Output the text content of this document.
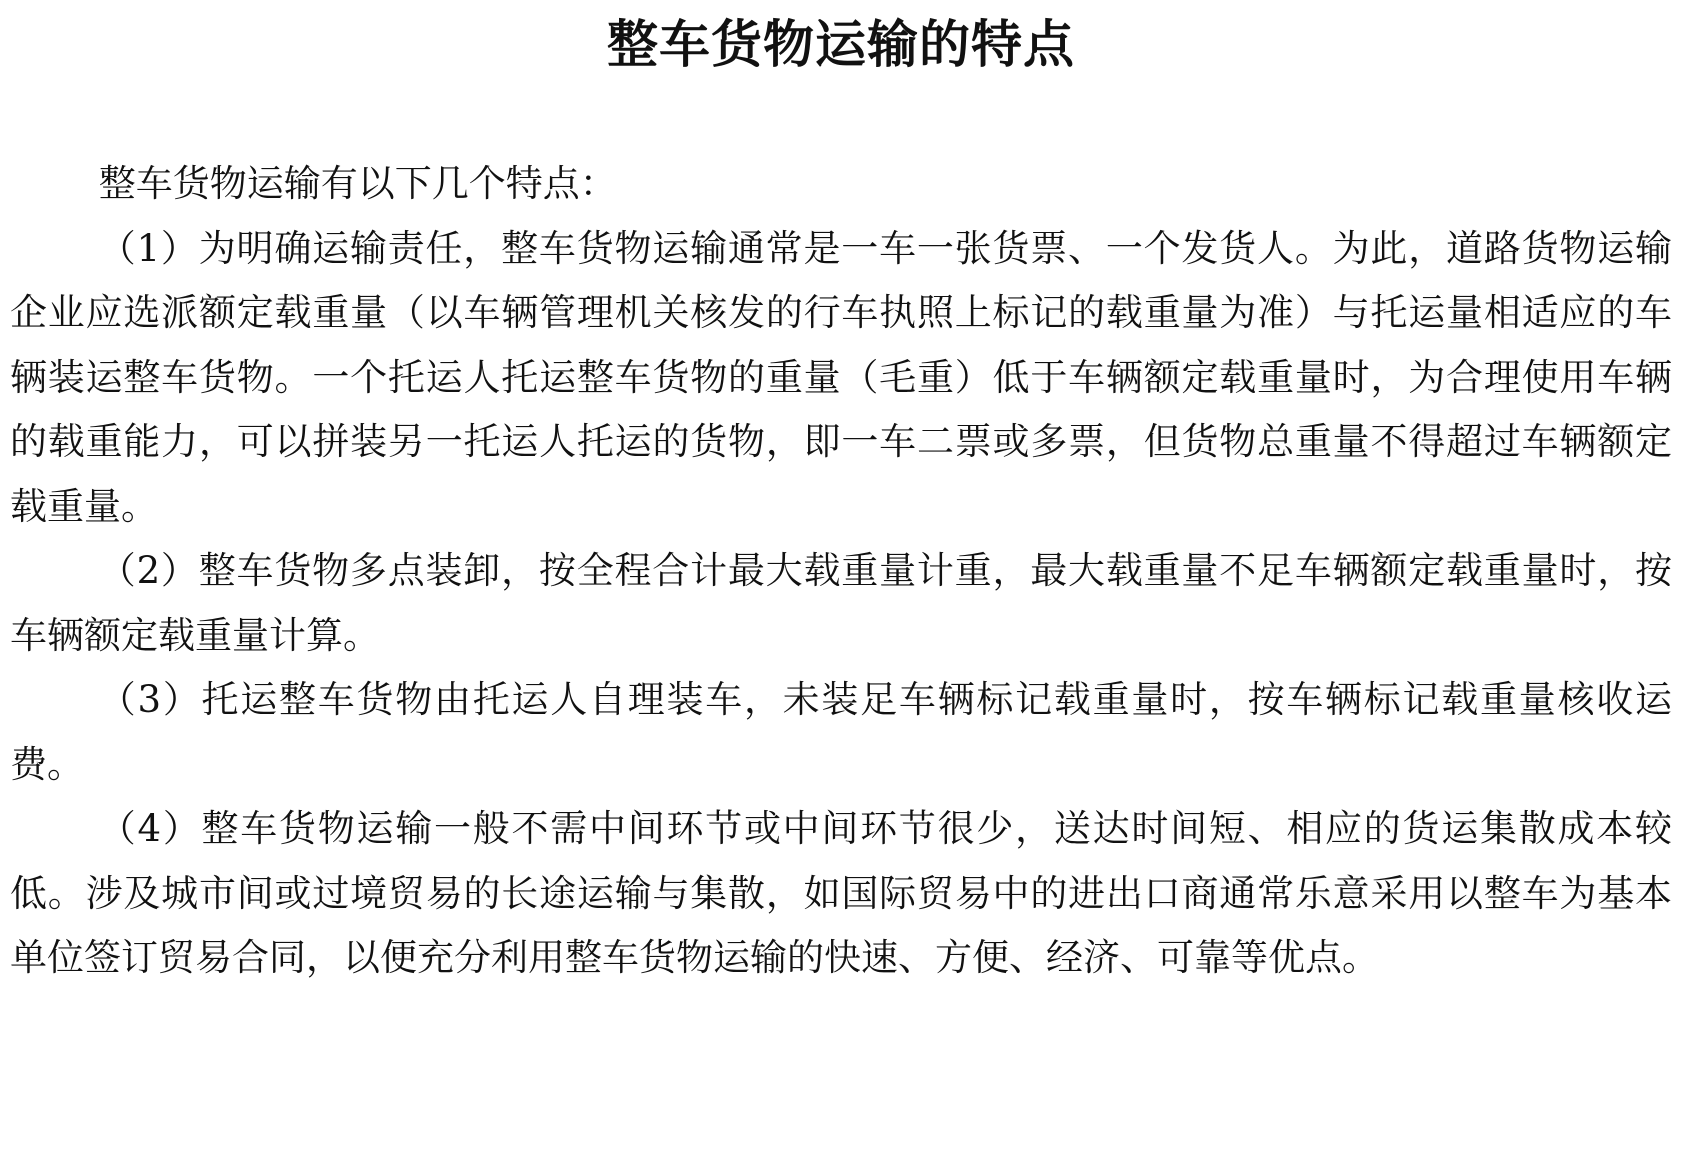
整车货物运输的特点

整车货物运输有以下几个特点：

（1）为明确运输责任，整车货物运输通常是一车一张货票、一个发货人。为此，道路货物运输企业应选派额定载重量（以车辆管理机关核发的行车执照上标记的载重量为准）与托运量相适应的车辆装运整车货物。一个托运人托运整车货物的重量（毛重）低于车辆额定载重量时，为合理使用车辆的载重能力，可以拼装另一托运人托运的货物，即一车二票或多票，但货物总重量不得超过车辆额定载重量。

（2）整车货物多点装卸，按全程合计最大载重量计重，最大载重量不足车辆额定载重量时，按车辆额定载重量计算。

（3）托运整车货物由托运人自理装车，未装足车辆标记载重量时，按车辆标记载重量核收运费。

（4）整车货物运输一般不需中间环节或中间环节很少，送达时间短、相应的货运集散成本较低。涉及城市间或过境贸易的长途运输与集散，如国际贸易中的进出口商通常乐意采用以整车为基本单位签订贸易合同，以便充分利用整车货物运输的快速、方便、经济、可靠等优点。
